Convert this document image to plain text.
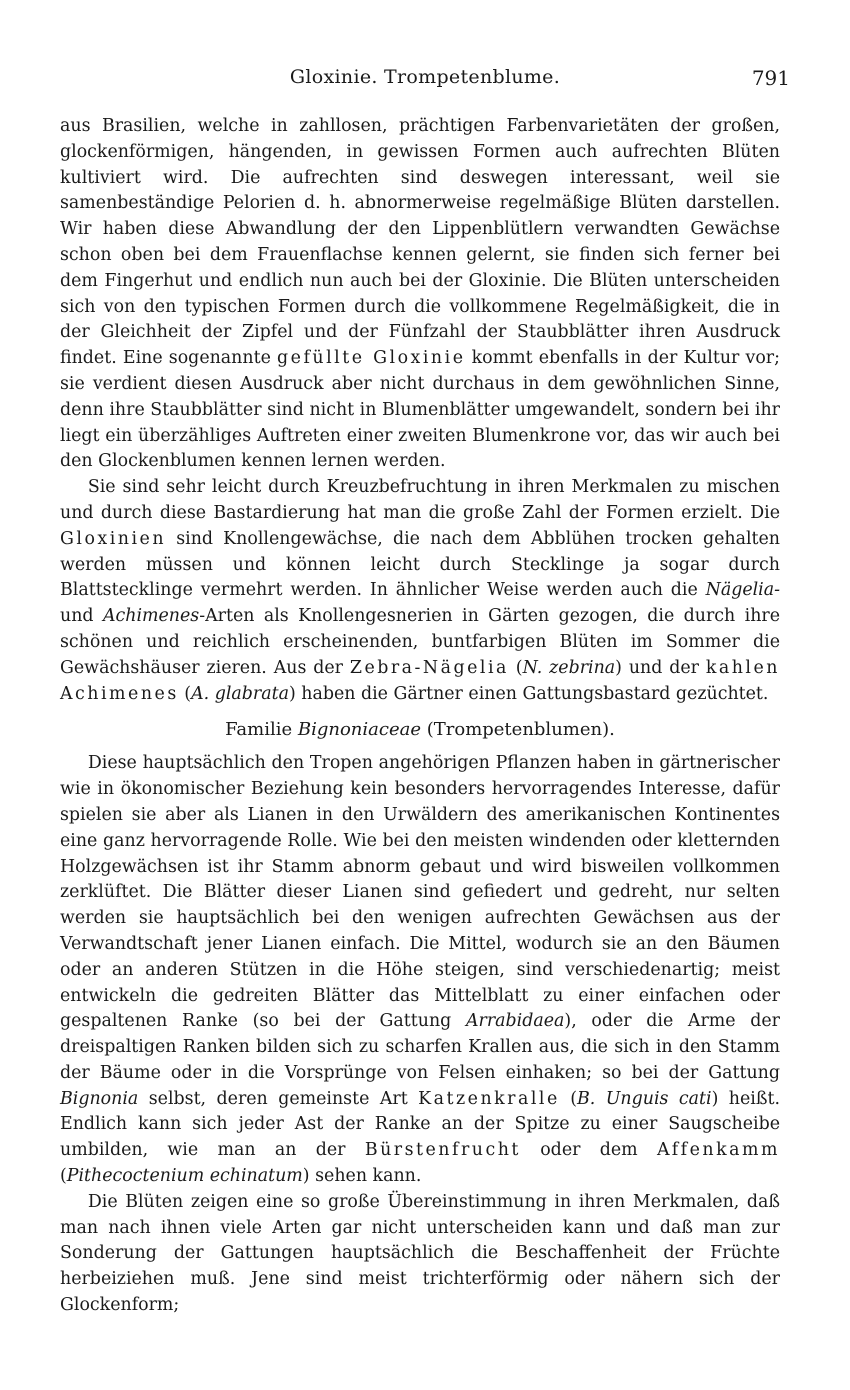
Gloxinie. Trompetenblume.	791

aus Brasilien, welche in zahllosen, prächtigen Farbenvarietäten der großen, glockenförmigen, hängenden, in gewissen Formen auch aufrechten Blüten kultiviert wird. Die aufrechten sind deswegen interessant, weil sie samenbeständige Pelorien d. h. abnormerweise regelmäßige Blüten darstellen. Wir haben diese Abwandlung der den Lippenblütlern verwandten Gewächse schon oben bei dem Frauenflachse kennen gelernt, sie finden sich ferner bei dem Fingerhut und endlich nun auch bei der Gloxinie. Die Blüten unterscheiden sich von den typischen Formen durch die vollkommene Regelmäßigkeit, die in der Gleichheit der Zipfel und der Fünfzahl der Staubblätter ihren Ausdruck findet. Eine sogenannte gefüllte Gloxinie kommt ebenfalls in der Kultur vor; sie verdient diesen Ausdruck aber nicht durchaus in dem gewöhnlichen Sinne, denn ihre Staubblätter sind nicht in Blumenblätter umgewandelt, sondern bei ihr liegt ein überzähliges Auftreten einer zweiten Blumenkrone vor, das wir auch bei den Glockenblumen kennen lernen werden.

Sie sind sehr leicht durch Kreuzbefruchtung in ihren Merkmalen zu mischen und durch diese Bastardierung hat man die große Zahl der Formen erzielt. Die Gloxinien sind Knollengewächse, die nach dem Abblühen trocken gehalten werden müssen und können leicht durch Stecklinge ja sogar durch Blattstecklinge vermehrt werden. In ähnlicher Weise werden auch die Nägelia- und Achimenes-Arten als Knollengesnerien in Gärten gezogen, die durch ihre schönen und reichlich erscheinenden, buntfarbigen Blüten im Sommer die Gewächshäuser zieren. Aus der Zebra-Nägelia (N. zebrina) und der kahlen Achimenes (A. glabrata) haben die Gärtner einen Gattungsbastard gezüchtet.

Familie Bignoniaceae (Trompetenblumen).

Diese hauptsächlich den Tropen angehörigen Pflanzen haben in gärtnerischer wie in ökonomischer Beziehung kein besonders hervorragendes Interesse, dafür spielen sie aber als Lianen in den Urwäldern des amerikanischen Kontinentes eine ganz hervorragende Rolle. Wie bei den meisten windenden oder kletternden Holzgewächsen ist ihr Stamm abnorm gebaut und wird bisweilen vollkommen zerklüftet. Die Blätter dieser Lianen sind gefiedert und gedreht, nur selten werden sie hauptsächlich bei den wenigen aufrechten Gewächsen aus der Verwandtschaft jener Lianen einfach. Die Mittel, wodurch sie an den Bäumen oder an anderen Stützen in die Höhe steigen, sind verschiedenartig; meist entwickeln die gedreiten Blätter das Mittelblatt zu einer einfachen oder gespaltenen Ranke (so bei der Gattung Arrabidaea), oder die Arme der dreispaltigen Ranken bilden sich zu scharfen Krallen aus, die sich in den Stamm der Bäume oder in die Vorsprünge von Felsen einhaken; so bei der Gattung Bignonia selbst, deren gemeinste Art Katzenkralle (B. Unguis cati) heißt. Endlich kann sich jeder Ast der Ranke an der Spitze zu einer Saugscheibe umbilden, wie man an der Bürstenfrucht oder dem Affenkamm (Pithecoctenium echinatum) sehen kann.

Die Blüten zeigen eine so große Übereinstimmung in ihren Merkmalen, daß man nach ihnen viele Arten gar nicht unterscheiden kann und daß man zur Sonderung der Gattungen hauptsächlich die Beschaffenheit der Früchte herbeiziehen muß. Jene sind meist trichterförmig oder nähern sich der Glockenform;
